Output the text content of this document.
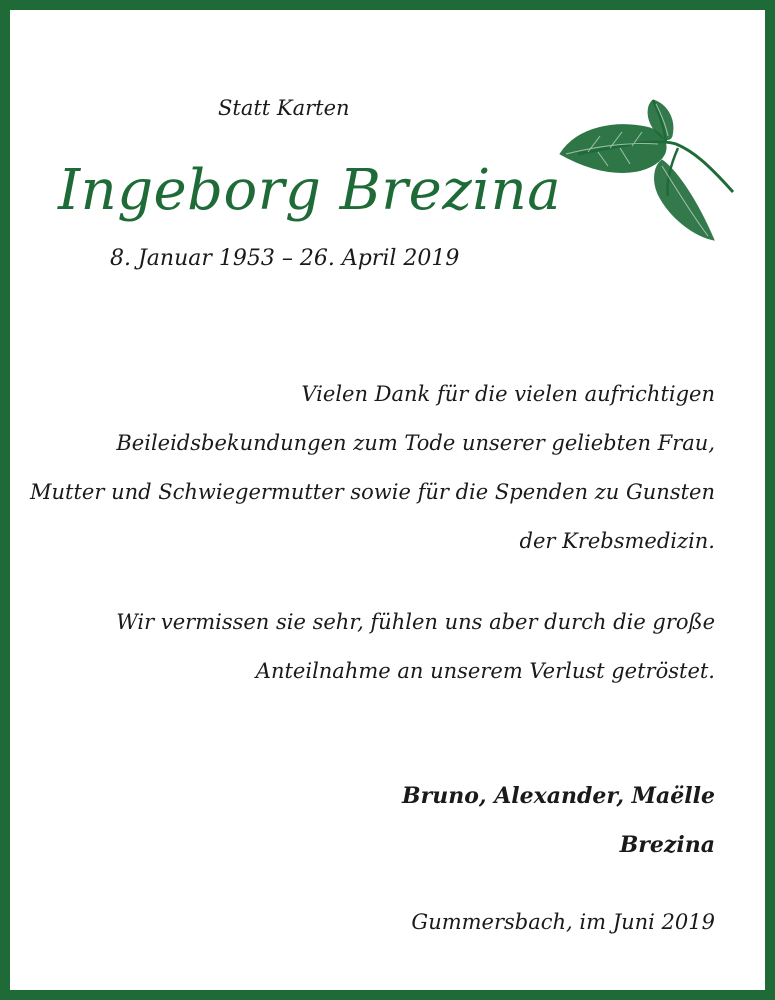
Statt Karten

Ingeborg Brezina

8. Januar 1953 – 26. April 2019

Vielen Dank für die vielen aufrichtigen
Beileidsbekundungen zum Tode unserer geliebten Frau,
Mutter und Schwiegermutter sowie für die Spenden zu Gunsten
der Krebsmedizin.
Wir vermissen sie sehr, fühlen uns aber durch die große
Anteilnahme an unserem Verlust getröstet.
Bruno, Alexander, Maëlle
Brezina

Gummersbach, im Juni 2019
